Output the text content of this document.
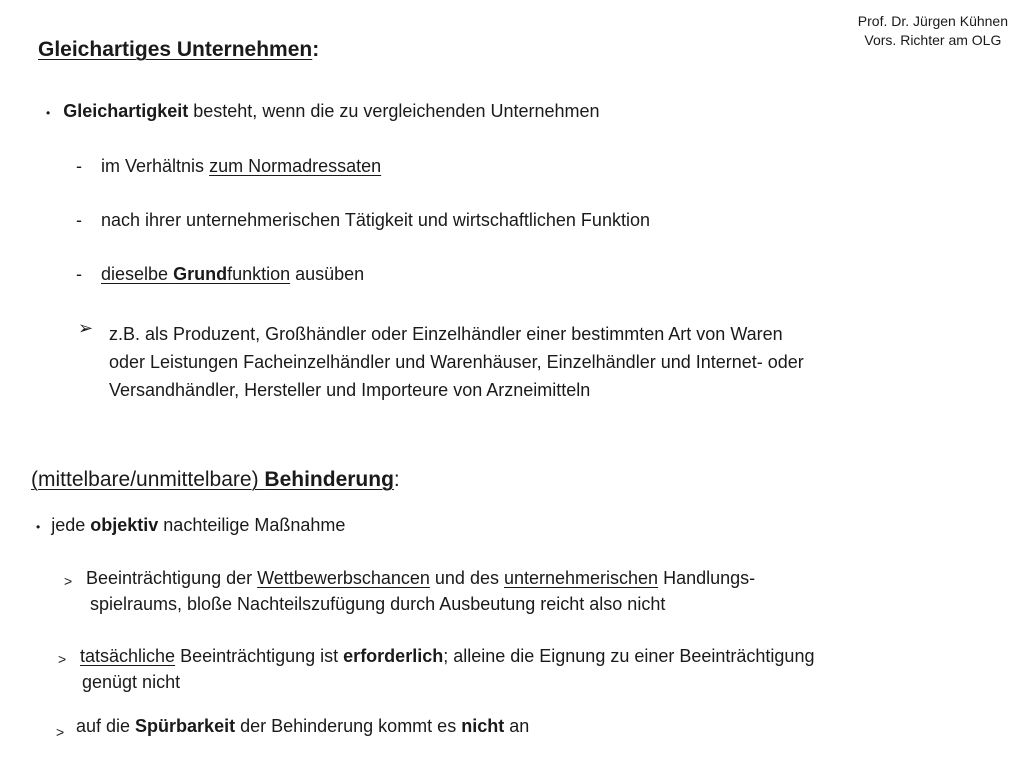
Prof. Dr. Jürgen Kühnen
Vors. Richter am OLG
Gleichartiges Unternehmen:
• Gleichartigkeit besteht, wenn die zu vergleichenden Unternehmen
- im Verhältnis zum Normadressaten
- nach ihrer unternehmerischen Tätigkeit und wirtschaftlichen Funktion
- dieselbe Grundfunktion ausüben
➢ z.B. als Produzent, Großhändler oder Einzelhändler einer bestimmten Art von Waren
oder Leistungen Facheinzelhändler und Warenhäuser, Einzelhändler und Internet- oder
Versandhändler, Hersteller und Importeure von Arzneimitteln
(mittelbare/unmittelbare) Behinderung:
• jede objektiv nachteilige Maßnahme
> Beeinträchtigung der Wettbewerbschancen und des unternehmerischen Handlungs-
spielraums, bloße Nachteilszufügung durch Ausbeutung reicht also nicht
> tatsächliche Beeinträchtigung ist erforderlich; alleine die Eignung zu einer Beeinträchtigung
genügt nicht
> auf die Spürbarkeit der Behinderung kommt es nicht an
